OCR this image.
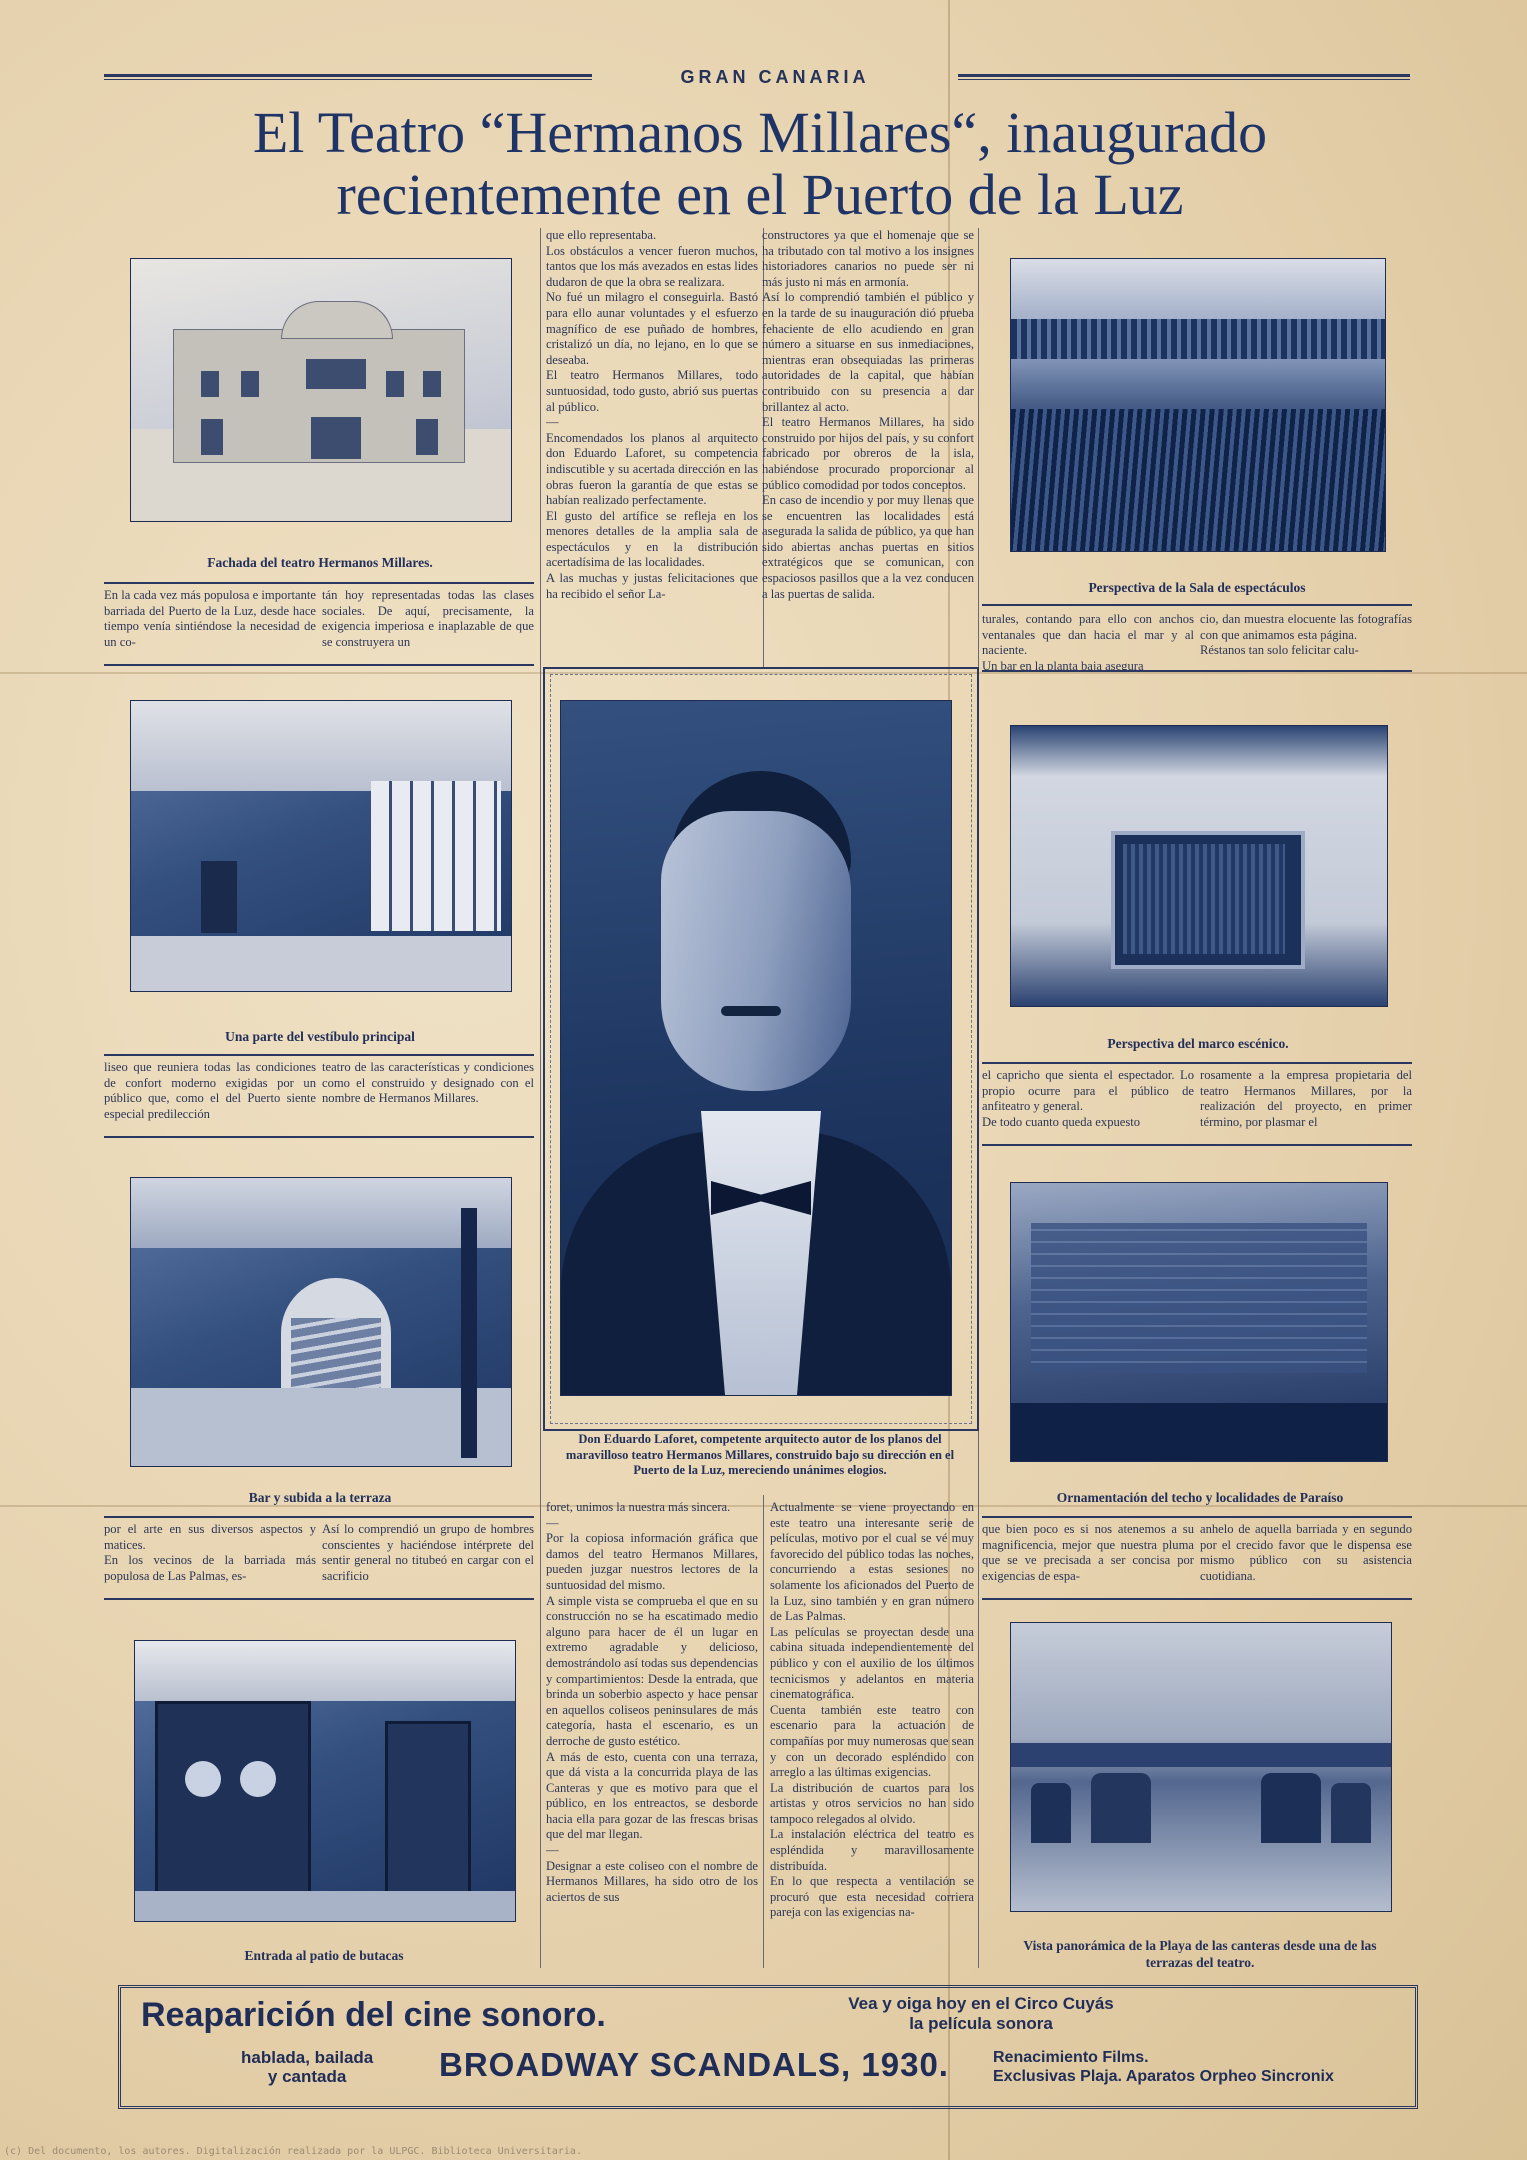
GRAN CANARIA
El Teatro “Hermanos Millares“, inaugurado
recientemente en el Puerto de la Luz
Fachada del teatro Hermanos Millares.
En la cada vez más populosa e importante barriada del Puerto de la Luz, desde hace tiempo venía sintiéndose la necesidad de un co-
tán hoy representadas todas las clases sociales. De aquí, precisamente, la exigencia imperiosa e inaplazable de que se construyera un
Una parte del vestíbulo principal
liseo que reuniera todas las condiciones de confort moderno exigidas por un público que, como el del Puerto siente especial predilección
teatro de las características y condiciones como el construido y designado con el nombre de Hermanos Millares.
Bar y subida a la terraza
por el arte en sus diversos aspectos y matices.
En los vecinos de la barriada más populosa de Las Palmas, es-
Así lo comprendió un grupo de hombres conscientes y haciéndose intérprete del sentir general no titubeó en cargar con el sacrificio
Entrada al patio de butacas
que ello representaba.
Los obstáculos a vencer fueron muchos, tantos que los más avezados en estas lides dudaron de que la obra se realizara.
No fué un milagro el conseguirla. Bastó para ello aunar voluntades y el esfuerzo magnífico de ese puñado de hombres, cristalizó un día, no lejano, en lo que se deseaba.
El teatro Hermanos Millares, todo suntuosidad, todo gusto, abrió sus puertas al público.
—
Encomendados los planos al arquitecto don Eduardo Laforet, su competencia indiscutible y su acertada dirección en las obras fueron la garantía de que estas se habían realizado perfectamente.
El gusto del artífice se refleja en los menores detalles de la amplia sala de espectáculos y en la distribución acertadísima de las localidades.
A las muchas y justas felicitaciones que ha recibido el señor La-
constructores ya que el homenaje que se ha tributado con tal motivo a los insignes historiadores canarios no puede ser ni más justo ni más en armonía.
Así lo comprendió también el público y en la tarde de su inauguración dió prueba fehaciente de ello acudiendo en gran número a situarse en sus inmediaciones, mientras eran obsequiadas las primeras autoridades de la capital, que habían contribuido con su presencia a dar brillantez al acto.
El teatro Hermanos Millares, ha sido construido por hijos del país, y su confort fabricado por obreros de la isla, habiéndose procurado proporcionar al público comodidad por todos conceptos.
En caso de incendio y por muy llenas que se encuentren las localidades está asegurada la salida de público, ya que han sido abiertas anchas puertas en sitios extratégicos que se comunican, con espaciosos pasillos que a la vez conducen a las puertas de salida.
Don Eduardo Laforet, competente arquitecto autor de los planos del maravilloso teatro Hermanos Millares, construido bajo su dirección en el Puerto de la Luz, mereciendo unánimes elogios.
foret, unimos la nuestra más sincera.
—
Por la copiosa información gráfica que damos del teatro Hermanos Millares, pueden juzgar nuestros lectores de la suntuosidad del mismo.
A simple vista se comprueba el que en su construcción no se ha escatimado medio alguno para hacer de él un lugar en extremo agradable y delicioso, demostrándolo así todas sus dependencias y compartimientos: Desde la entrada, que brinda un soberbio aspecto y hace pensar en aquellos coliseos peninsulares de más categoría, hasta el escenario, es un derroche de gusto estético.
A más de esto, cuenta con una terraza, que dá vista a la concurrida playa de las Canteras y que es motivo para que el público, en los entreactos, se desborde hacia ella para gozar de las frescas brisas que del mar llegan.
—
Designar a este coliseo con el nombre de Hermanos Millares, ha sido otro de los aciertos de sus
Actualmente se viene proyectando en este teatro una interesante serie de películas, motivo por el cual se vé muy favorecido del público todas las noches, concurriendo a estas sesiones no solamente los aficionados del Puerto de la Luz, sino también y en gran número de Las Palmas.
Las películas se proyectan desde una cabina situada independientemente del público y con el auxilio de los últimos tecnicismos y adelantos en materia cinematográfica.
Cuenta también este teatro con escenario para la actuación de compañías por muy numerosas que sean y con un decorado espléndido con arreglo a las últimas exigencias.
La distribución de cuartos para los artistas y otros servicios no han sido tampoco relegados al olvido.
La instalación eléctrica del teatro es espléndida y maravillosamente distribuída.
En lo que respecta a ventilación se procuró que esta necesidad corriera pareja con las exigencias na-
Perspectiva de la Sala de espectáculos
turales, contando para ello con anchos ventanales que dan hacia el mar y al naciente.
Un bar en la planta baja asegura
cio, dan muestra elocuente las fotografías con que animamos esta página.
Réstanos tan solo felicitar calu-
Perspectiva del marco escénico.
el capricho que sienta el espectador. Lo propio ocurre para el público de anfiteatro y general.
De todo cuanto queda expuesto
rosamente a la empresa propietaria del teatro Hermanos Millares, por la realización del proyecto, en primer término, por plasmar el
Ornamentación del techo y localidades de Paraíso
que bien poco es si nos atenemos a su magnificencia, mejor que nuestra pluma que se ve precisada a ser concisa por exigencias de espa-
anhelo de aquella barriada y en segundo por el crecido favor que le dispensa ese mismo público con su asistencia cuotidiana.
Vista panorámica de la Playa de las canteras desde una de las terrazas del teatro.
Reaparición del cine sonoro.
hablada, bailada
y cantada	BROADWAY SCANDALS, 1930.
Vea y oiga hoy en el Circo Cuyás
la película sonora
Renacimiento Films.
Exclusivas Plaja. Aparatos Orpheo Sincronix
(c) Del documento, los autores. Digitalización realizada por la ULPGC. Biblioteca Universitaria.
